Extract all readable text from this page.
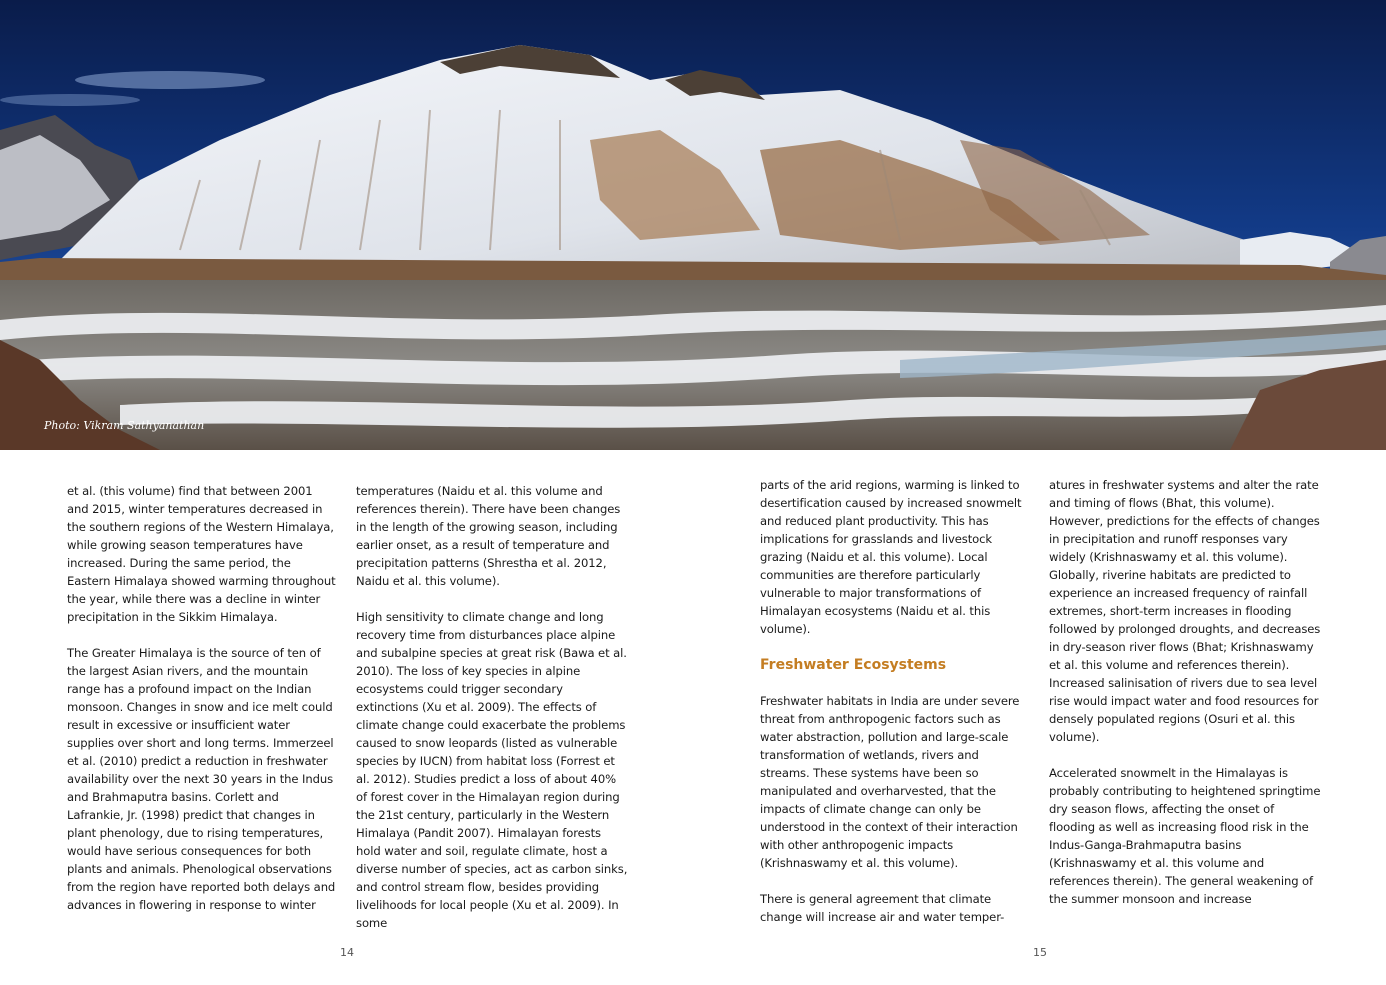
Photo: Vikram Sathyanathan

et al. (this volume) find that between 2001 and 2015, winter temperatures decreased in the southern regions of the Western Himalaya, while growing season temperatures have increased. During the same period, the Eastern Himalaya showed warming throughout the year, while there was a decline in winter precipitation in the Sikkim Himalaya.

The Greater Himalaya is the source of ten of the largest Asian rivers, and the mountain range has a profound impact on the Indian monsoon. Changes in snow and ice melt could result in excessive or insufficient water supplies over short and long terms. Immerzeel et al. (2010) predict a reduction in freshwater availability over the next 30 years in the Indus and Brahmaputra basins. Corlett and Lafrankie, Jr. (1998) predict that changes in plant phenology, due to rising temperatures, would have serious consequences for both plants and animals. Phenological observations from the region have reported both delays and advances in flowering in response to winter

temperatures (Naidu et al. this volume and references therein). There have been changes in the length of the growing season, including earlier onset, as a result of temperature and precipitation patterns (Shrestha et al. 2012, Naidu et al. this volume).

High sensitivity to climate change and long recovery time from disturbances place alpine and subalpine species at great risk (Bawa et al. 2010). The loss of key species in alpine ecosystems could trigger secondary extinctions (Xu et al. 2009). The effects of climate change could exacerbate the problems caused to snow leopards (listed as vulnerable species by IUCN) from habitat loss (Forrest et al. 2012). Studies predict a loss of about 40% of forest cover in the Himalayan region during the 21st century, particularly in the Western Himalaya (Pandit 2007). Himalayan forests hold water and soil, regulate climate, host a diverse number of species, act as carbon sinks, and control stream flow, besides providing livelihoods for local people (Xu et al. 2009). In some

parts of the arid regions, warming is linked to desertification caused by increased snowmelt and reduced plant productivity. This has implications for grasslands and livestock grazing (Naidu et al. this volume). Local communities are therefore particularly vulnerable to major transformations of Himalayan ecosystems (Naidu et al. this volume).

Freshwater Ecosystems

Freshwater habitats in India are under severe threat from anthropogenic factors such as water abstraction, pollution and large-scale transformation of wetlands, rivers and streams. These systems have been so manipulated and overharvested, that the impacts of climate change can only be understood in the context of their interaction with other anthropogenic impacts (Krishnaswamy et al. this volume).

There is general agreement that climate change will increase air and water temper-

atures in freshwater systems and alter the rate and timing of flows (Bhat, this volume). However, predictions for the effects of changes in precipitation and runoff responses vary widely (Krishnaswamy et al. this volume). Globally, riverine habitats are predicted to experience an increased frequency of rainfall extremes, short-term increases in flooding followed by prolonged droughts, and decreases in dry-season river flows (Bhat; Krishnaswamy et al. this volume and references therein). Increased salinisation of rivers due to sea level rise would impact water and food resources for densely populated regions (Osuri et al. this volume).

Accelerated snowmelt in the Himalayas is probably contributing to heightened springtime dry season flows, affecting the onset of flooding as well as increasing flood risk in the Indus-Ganga-Brahmaputra basins (Krishnaswamy et al. this volume and references therein). The general weakening of the summer monsoon and increase

14	15
